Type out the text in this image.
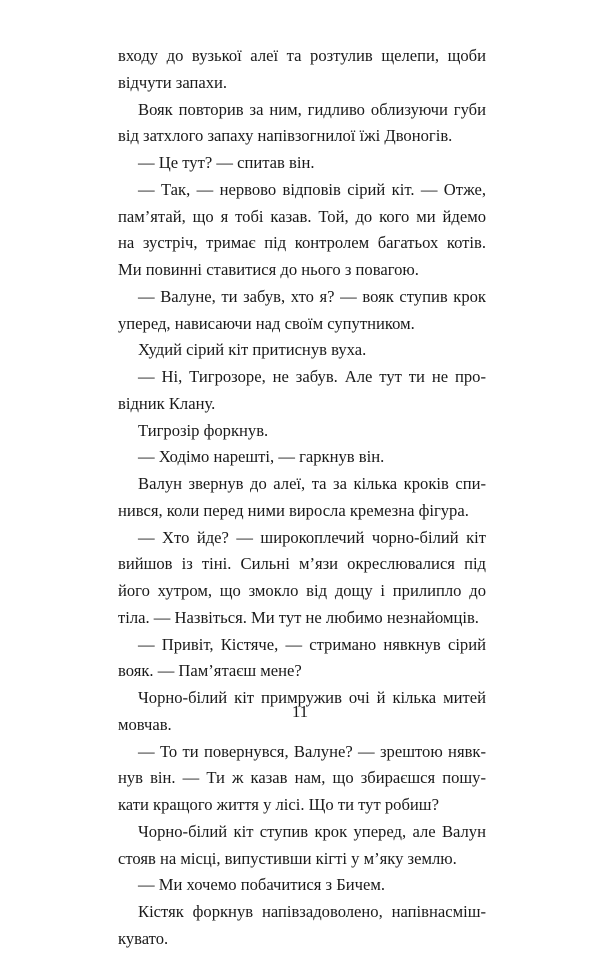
входу до вузької алеї та розтулив щелепи, щоби
відчути запахи.
Вояк повторив за ним, гидливо облизуючи губи
від затхлого запаху напівзогнилої їжі Двоногів.
— Це тут? — спитав він.
— Так, — нервово відповів сірий кіт. — Отже,
пам’ятай, що я тобі казав. Той, до кого ми йдемо
на зустріч, тримає під контролем багатьох котів.
Ми повинні ставитися до нього з повагою.
— Валуне, ти забув, хто я? — вояк ступив крок
уперед, нависаючи над своїм супутником.
Худий сірий кіт притиснув вуха.
— Ні, Тигрозоре, не забув. Але тут ти не про-
відник Клану.
Тигрозір форкнув.
— Ходімо нарешті, — гаркнув він.
Валун звернув до алеї, та за кілька кроків спи-
нився, коли перед ними виросла кремезна фігура.
— Хто йде? — широкоплечий чорно-білий кіт
вийшов із тіні. Сильні м’язи окреслювалися під
його хутром, що змокло від дощу і прилипло до
тіла. — Назвіться. Ми тут не любимо незнайомців.
— Привіт, Кістяче, — стримано нявкнув сірий
вояк. — Пам’ятаєш мене?
Чорно-білий кіт примружив очі й кілька митей
мовчав.
— То ти повернувся, Валуне? — зрештою нявк-
нув він. — Ти ж казав нам, що збираєшся пошу-
кати кращого життя у лісі. Що ти тут робиш?
Чорно-білий кіт ступив крок уперед, але Валун
стояв на місці, випустивши кігті у м’яку землю.
— Ми хочемо побачитися з Бичем.
Кістяк форкнув напівзадоволено, напівнасміш-
кувато.
11
